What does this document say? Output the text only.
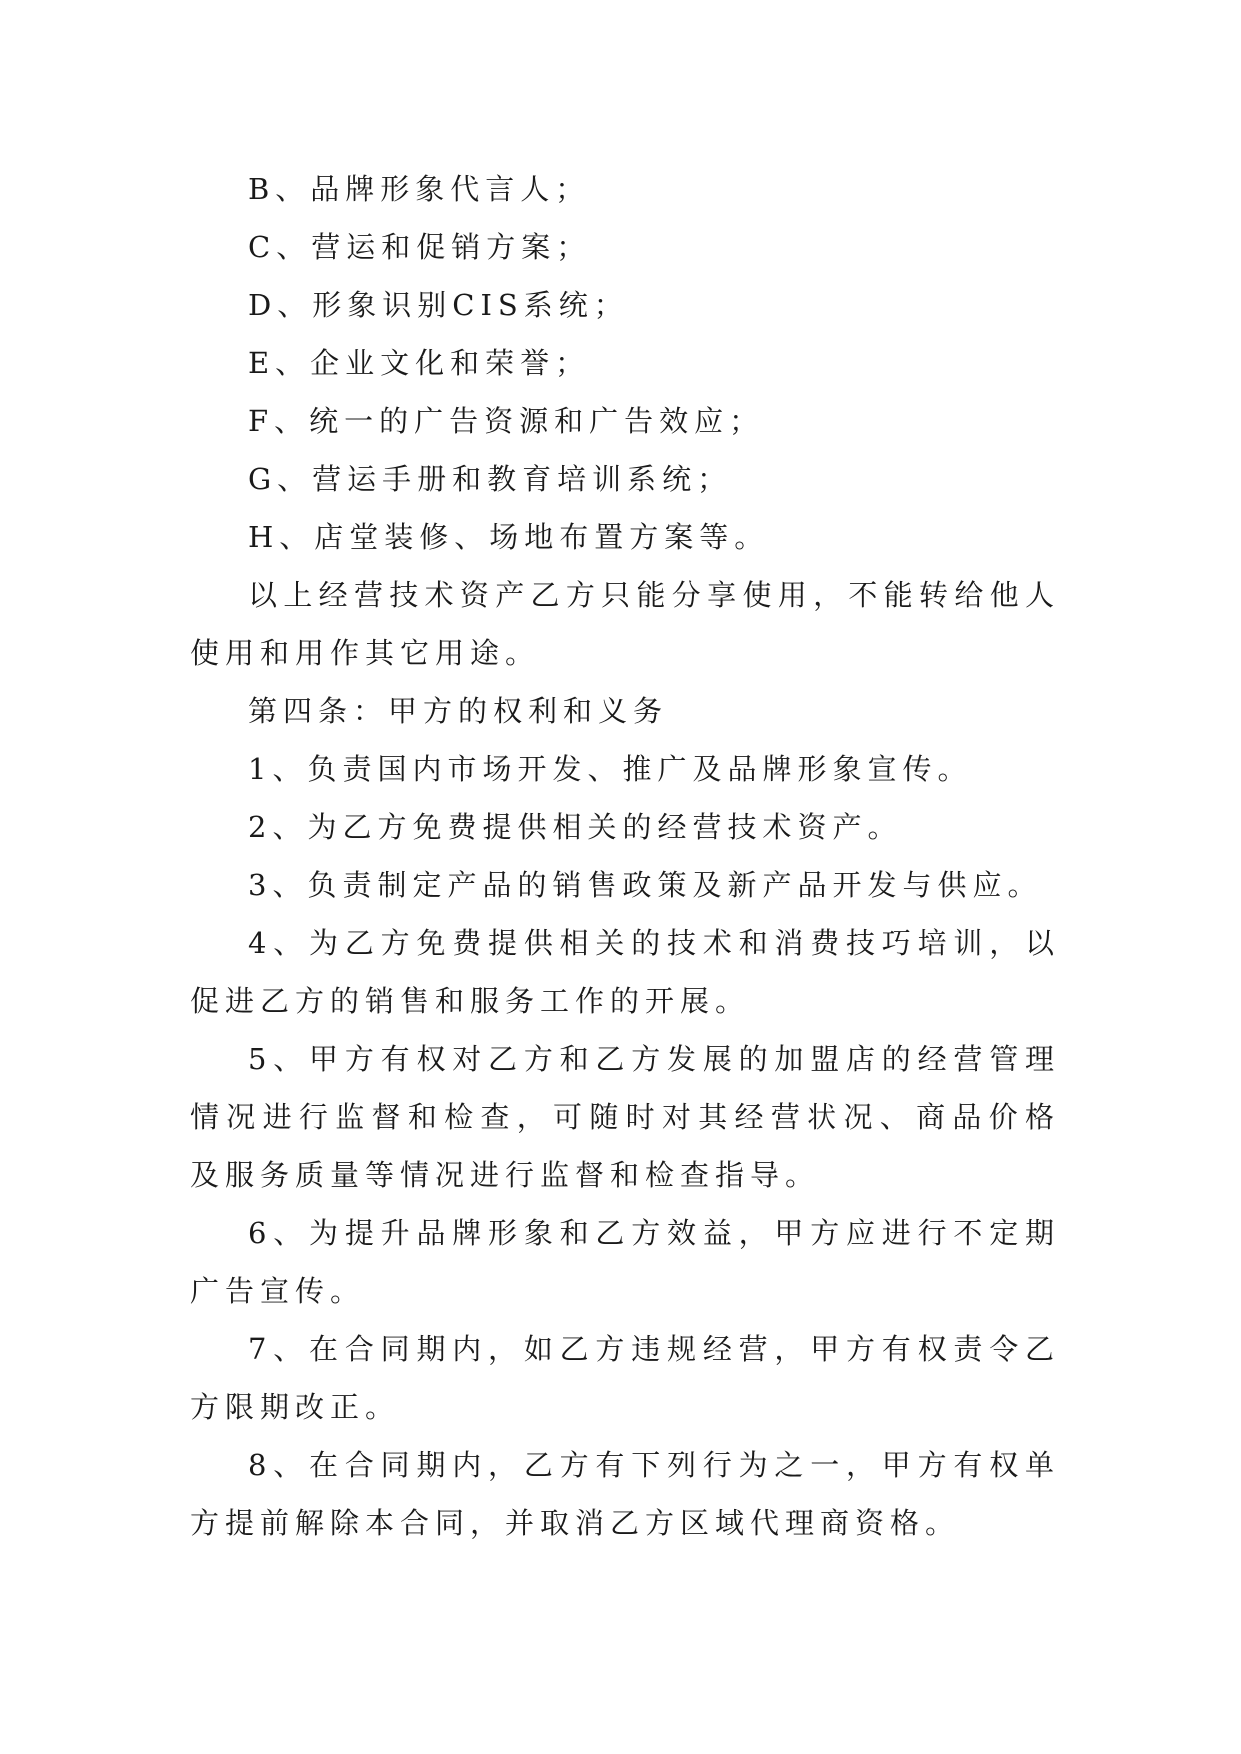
B、品牌形象代言人；

C、营运和促销方案；

D、形象识别CIS系统；

E、企业文化和荣誉；

F、统一的广告资源和广告效应；

G、营运手册和教育培训系统；

H、店堂装修、场地布置方案等。

以上经营技术资产乙方只能分享使用，不能转给他人使用和用作其它用途。

第四条：甲方的权利和义务

1、负责国内市场开发、推广及品牌形象宣传。

2、为乙方免费提供相关的经营技术资产。

3、负责制定产品的销售政策及新产品开发与供应。

4、为乙方免费提供相关的技术和消费技巧培训，以促进乙方的销售和服务工作的开展。

5、甲方有权对乙方和乙方发展的加盟店的经营管理情况进行监督和检查，可随时对其经营状况、商品价格及服务质量等情况进行监督和检查指导。

6、为提升品牌形象和乙方效益，甲方应进行不定期广告宣传。

7、在合同期内，如乙方违规经营，甲方有权责令乙方限期改正。

8、在合同期内，乙方有下列行为之一，甲方有权单方提前解除本合同，并取消乙方区域代理商资格。
